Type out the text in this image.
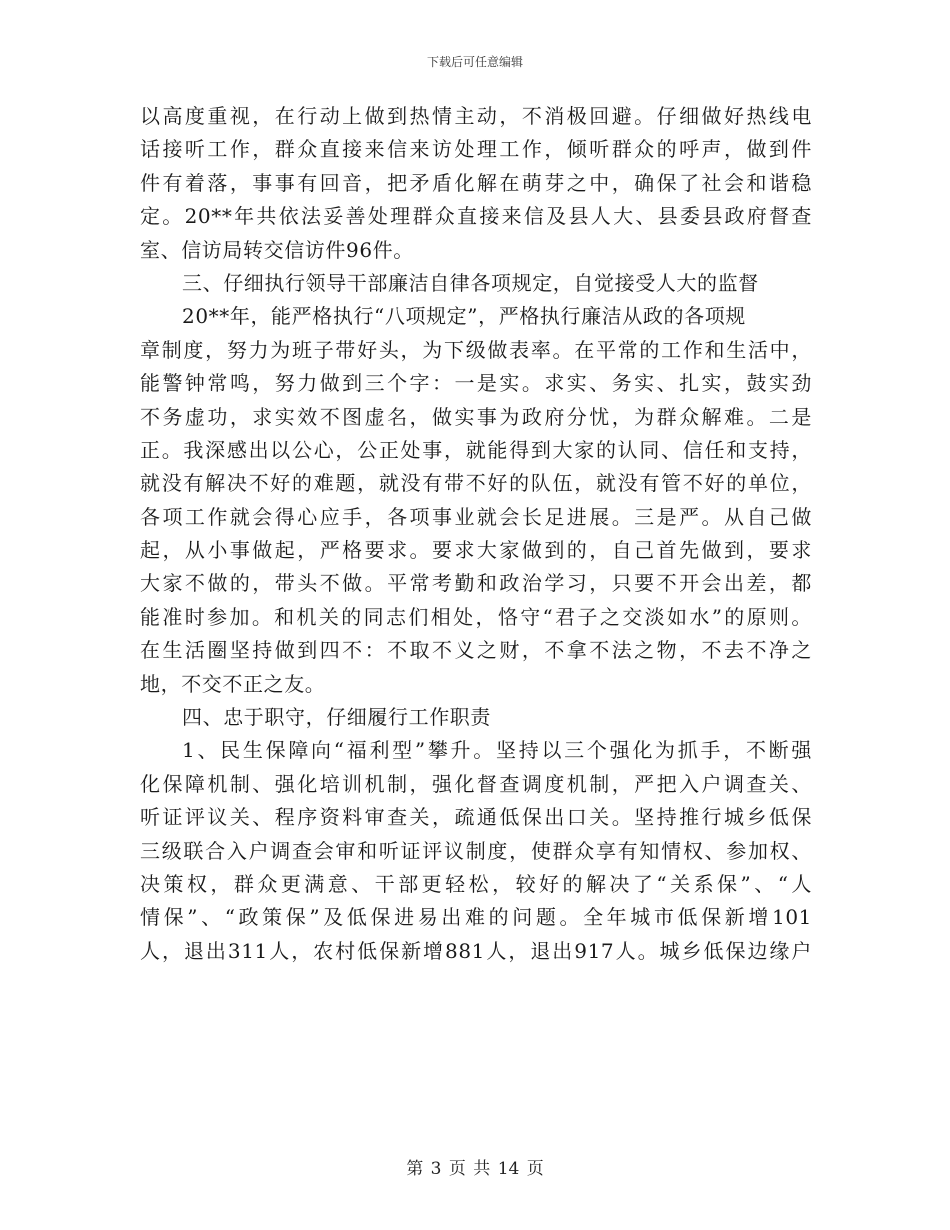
下载后可任意编辑
以高度重视，在行动上做到热情主动，不消极回避。仔细做好热线电
话接听工作，群众直接来信来访处理工作，倾听群众的呼声，做到件
件有着落，事事有回音，把矛盾化解在萌芽之中，确保了社会和谐稳
定。20**年共依法妥善处理群众直接来信及县人大、县委县政府督查
室、信访局转交信访件96件。
三、仔细执行领导干部廉洁自律各项规定，自觉接受人大的监督
20**年，能严格执行“八项规定”，严格执行廉洁从政的各项规
章制度，努力为班子带好头，为下级做表率。在平常的工作和生活中，
能警钟常鸣，努力做到三个字：一是实。求实、务实、扎实，鼓实劲
不务虚功，求实效不图虚名，做实事为政府分忧，为群众解难。二是
正。我深感出以公心，公正处事，就能得到大家的认同、信任和支持，
就没有解决不好的难题，就没有带不好的队伍，就没有管不好的单位，
各项工作就会得心应手，各项事业就会长足进展。三是严。从自己做
起，从小事做起，严格要求。要求大家做到的，自己首先做到，要求
大家不做的，带头不做。平常考勤和政治学习，只要不开会出差，都
能准时参加。和机关的同志们相处，恪守“君子之交淡如水”的原则。
在生活圈坚持做到四不：不取不义之财，不拿不法之物，不去不净之
地，不交不正之友。
四、忠于职守，仔细履行工作职责
1、民生保障向“福利型”攀升。坚持以三个强化为抓手，不断强
化保障机制、强化培训机制，强化督查调度机制，严把入户调查关、
听证评议关、程序资料审查关，疏通低保出口关。坚持推行城乡低保
三级联合入户调查会审和听证评议制度，使群众享有知情权、参加权、
决策权，群众更满意、干部更轻松，较好的解决了“关系保”、“人
情保”、“政策保”及低保进易出难的问题。全年城市低保新增101
人，退出311人，农村低保新增881人，退出917人。城乡低保边缘户
第 3 页 共 14 页
